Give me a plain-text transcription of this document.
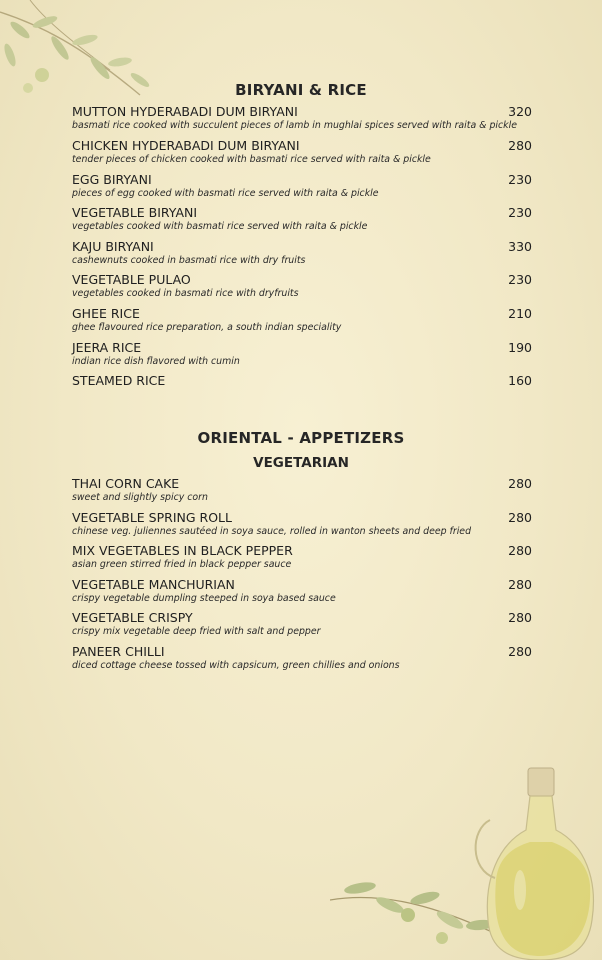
BIRYANI & RICE
MUTTON HYDERABADI DUM BIRYANI	320
basmati rice cooked with succulent pieces of lamb in mughlai spices served with raita & pickle
CHICKEN HYDERABADI DUM BIRYANI	280
tender pieces of chicken cooked with basmati rice served with raita & pickle
EGG BIRYANI	230
pieces of egg cooked with basmati rice served with raita & pickle
VEGETABLE BIRYANI	230
vegetables cooked with basmati rice served with raita & pickle
KAJU BIRYANI	330
cashewnuts cooked in basmati rice with dry fruits
VEGETABLE PULAO	230
vegetables cooked in basmati rice with dryfruits
GHEE RICE	210
ghee flavoured rice preparation, a south indian speciality
JEERA RICE	190
indian rice dish flavored with cumin
STEAMED RICE	160
ORIENTAL - APPETIZERS
VEGETARIAN
THAI CORN CAKE	280
sweet and slightly spicy corn
VEGETABLE SPRING ROLL	280
chinese veg. juliennes sautéed in soya sauce, rolled in wanton sheets and deep fried
MIX VEGETABLES IN BLACK PEPPER	280
asian green stirred fried in black pepper sauce
VEGETABLE MANCHURIAN	280
crispy vegetable dumpling steeped in soya based sauce
VEGETABLE CRISPY	280
crispy mix vegetable deep fried with salt and pepper
PANEER CHILLI	280
diced cottage cheese tossed with capsicum, green chillies and onions
